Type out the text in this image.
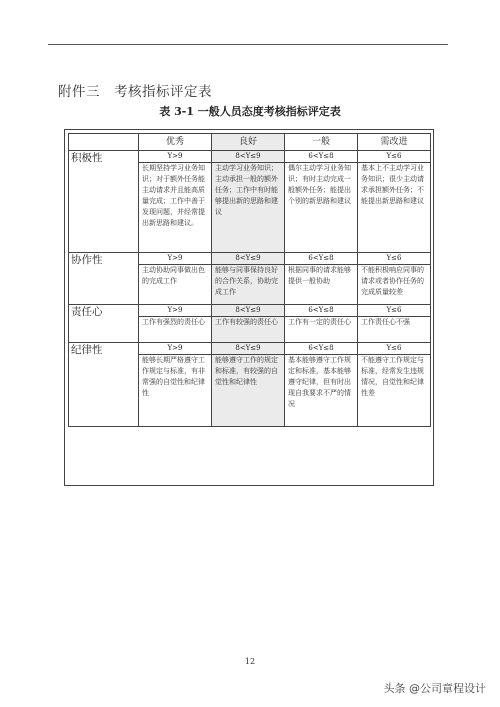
附件三 考核指标评定表
表 3-1 一般人员态度考核指标评定表
	优秀	良好	一般	需改进
积极性	Y>9	8<Y≤9	6<Y≤8	Y≤6
	长期坚持学习业务知识；对于额外任务能主动请求并且能高质量完成；工作中善于发现问题，并经常提出新思路和建议。	主动学习业务知识；主动承担一般的额外任务；工作中有时能够提出新的思路和建议	偶尔主动学习业务知识；有时主动完成一般额外任务；能提出个别的新思路和建议	基本上不主动学习业务知识；很少主动请求承担额外任务；不能提出新思路和建议
协作性	Y>9	8<Y≤9	6<Y≤8	Y≤6
	主动协助同事做出色的完成工作	能够与同事保持良好的合作关系，协助完成工作	根据同事的请求能够提供一般协助	不能积极响应同事的请求或者协作任务的完成质量较差
责任心	Y>9	8<Y≤9	6<Y≤8	Y≤6
	工作有强烈的责任心	工作有较强的责任心	工作有一定的责任心	工作责任心不强
纪律性	Y>9	8<Y≤9	6<Y≤8	Y≤6
	能够长期严格遵守工作规定与标准，有非常强的自觉性和纪律性	能够遵守工作的规定和标准，有较强的自觉性和纪律性	基本能够遵守工作规定和标准，基本能够遵守纪律，但有时出现自我要求不严的情况	不能遵守工作规定与标准，经常发生违规情况，自觉性和纪律性差
12
头条 @公司章程设计
